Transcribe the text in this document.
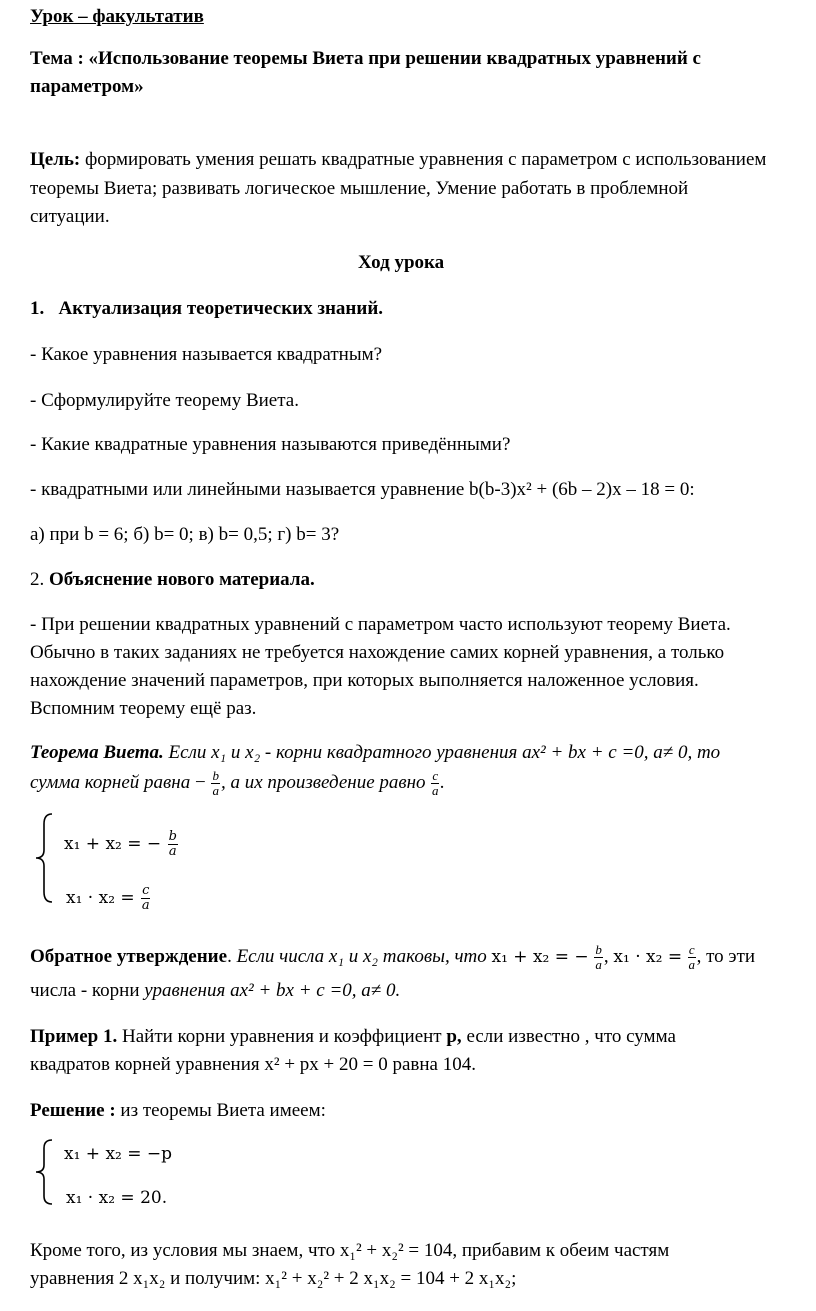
Урок – факультатив
Тема : «Использование теоремы Виета при решении квадратных уравнений с
параметром»
Цель: формировать умения решать квадратные уравнения с параметром с использованием
теоремы Виета; развивать логическое мышление, Умение работать в проблемной
ситуации.
Ход урока
1. Актуализация теоретических знаний.
- Какое уравнения называется квадратным?
- Сформулируйте теорему Виета.
- Какие квадратные уравнения называются приведёнными?
- квадратными или линейными называется уравнение b(b-3)x² + (6b – 2)x – 18 = 0:
а) при b = 6; б) b= 0; в) b= 0,5; г) b= 3?
2. Объяснение нового материала.
- При решении квадратных уравнений с параметром часто используют теорему Виета.
Обычно в таких заданиях не требуется нахождение самих корней уравнения, а только
нахождение значений параметров, при которых выполняется наложенное условия.
Вспомним теорему ещё раз.
Теорема Виета. Если x₁ и x₂ - корни квадратного уравнения ax² + bx + c =0, a≠ 0, то
сумма корней равна − $\frac{b}{a}$ , а их произведение равно $\frac{c}{a}$ .
x₁ + x₂ = − $\frac{b}{a}$
$x_1 \cdot x_2 = \frac{c}{a}$
Обратное утверждение. Если числа x₁ и x₂ таковы, что x₁ + x₂ = − $\frac{b}{a}$ , $x_1 \cdot x_2 = \frac{c}{a}$ , то эти
числа - корни уравнения ax² + bx + c =0, a≠ 0.
Пример 1. Найти корни уравнения и коэффициент p, если известно , что сумма
квадратов корней уравнения x² + px + 20 = 0 равна 104.
Решение : из теоремы Виета имеем:
x₁ + x₂ = −p
x₁ · x₂ = 20.
Кроме того, из условия мы знаем, что x₁² + x₂² = 104, прибавим к обеим частям
уравнения 2 x₁x₂ и получим: x₁² + x₂² + 2 x₁x₂ = 104 + 2 x₁x₂;
